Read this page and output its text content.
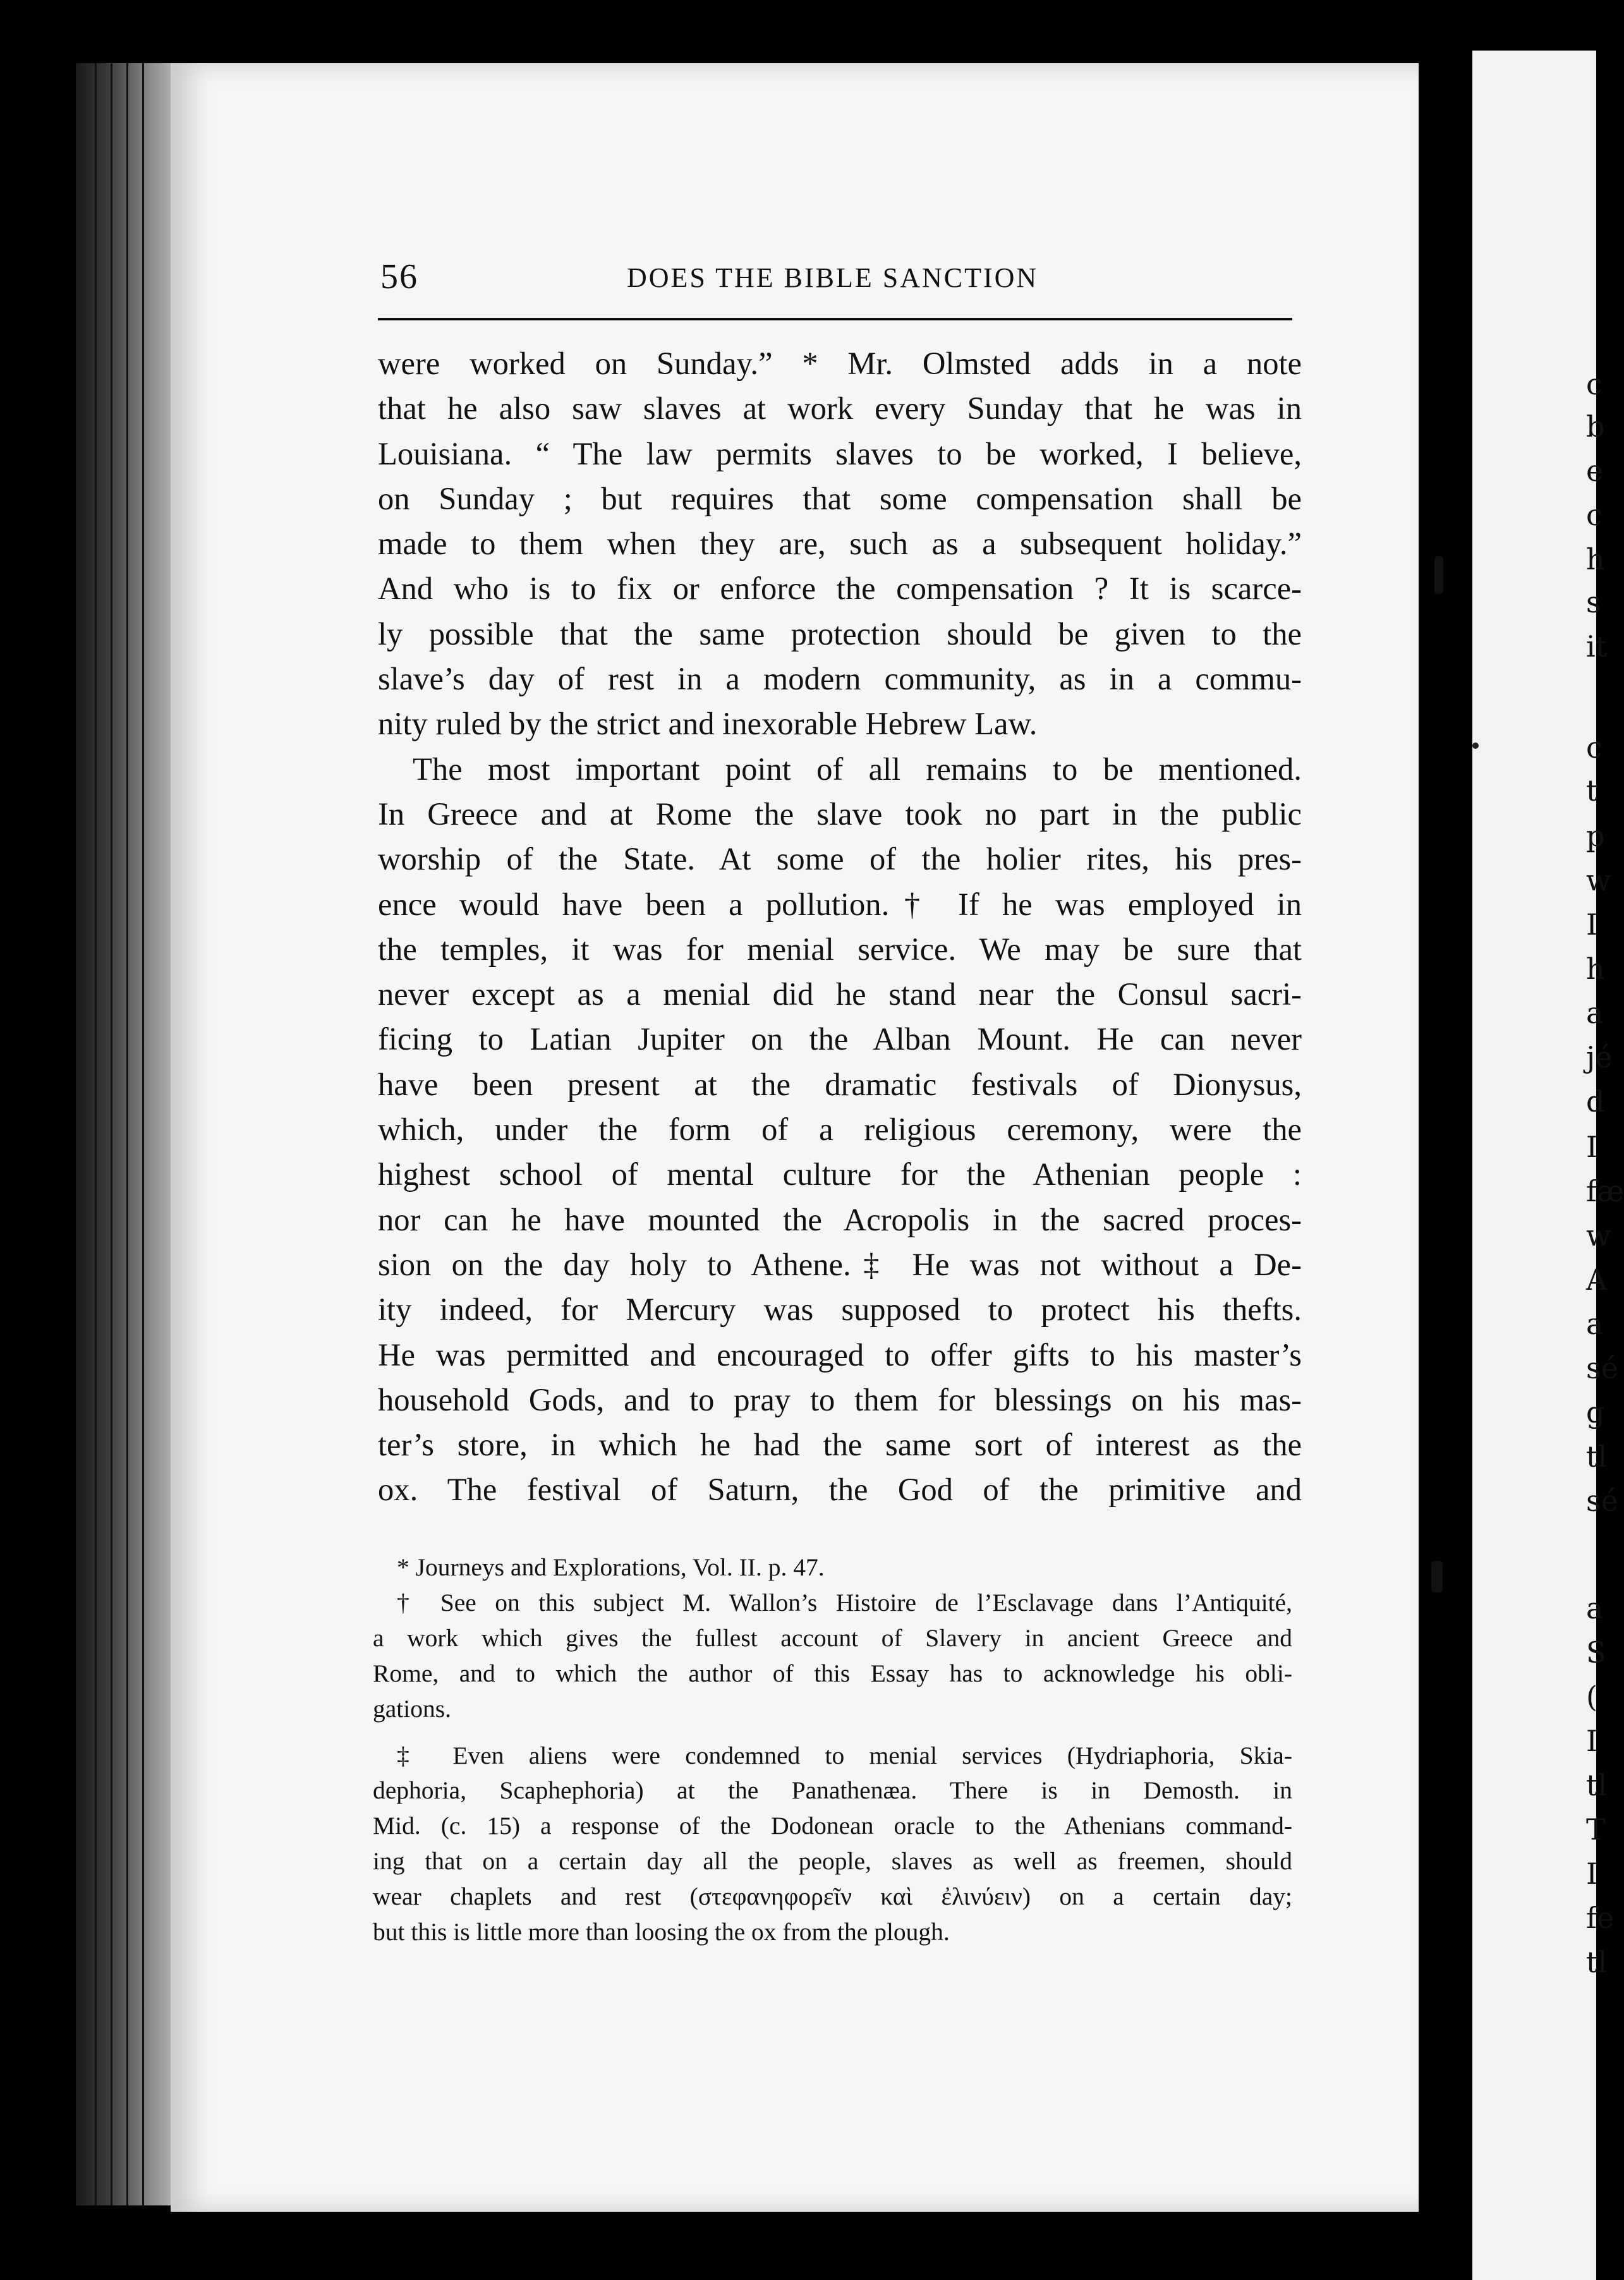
c
b
e
c
h
s
it
c
t
p
w
I
h
a
jé
d
I
fæ
w
A
a
sé
g
tl
sé
a
S
(
I
tl
T
I
fe
tl
56	DOES THE BIBLE SANCTION
were worked on Sunday.” * Mr. Olmsted adds in a note
that he also saw slaves at work every Sunday that he was in
Louisiana. “ The law permits slaves to be worked, I believe,
on Sunday ; but requires that some compensation shall be
made to them when they are, such as a subsequent holiday.”
And who is to fix or enforce the compensation ? It is scarce-
ly possible that the same protection should be given to the
slave’s day of rest in a modern community, as in a commu-
nity ruled by the strict and inexorable Hebrew Law.
The most important point of all remains to be mentioned.
In Greece and at Rome the slave took no part in the public
worship of the State. At some of the holier rites, his pres-
ence would have been a pollution.† If he was employed in
the temples, it was for menial service. We may be sure that
never except as a menial did he stand near the Consul sacri-
ficing to Latian Jupiter on the Alban Mount. He can never
have been present at the dramatic festivals of Dionysus,
which, under the form of a religious ceremony, were the
highest school of mental culture for the Athenian people :
nor can he have mounted the Acropolis in the sacred proces-
sion on the day holy to Athene.‡ He was not without a De-
ity indeed, for Mercury was supposed to protect his thefts.
He was permitted and encouraged to offer gifts to his master’s
household Gods, and to pray to them for blessings on his mas-
ter’s store, in which he had the same sort of interest as the
ox. The festival of Saturn, the God of the primitive and
* Journeys and Explorations, Vol. II. p. 47.
† See on this subject M. Wallon’s Histoire de l’Esclavage dans l’Antiquité,
a work which gives the fullest account of Slavery in ancient Greece and
Rome, and to which the author of this Essay has to acknowledge his obli-
gations.
‡ Even aliens were condemned to menial services (Hydriaphoria, Skia-
dephoria, Scaphephoria) at the Panathenæa. There is in Demosth. in
Mid. (c. 15) a response of the Dodonean oracle to the Athenians command-
ing that on a certain day all the people, slaves as well as freemen, should
wear chaplets and rest (στεφανηφορεῖν καὶ ἐλινύειν) on a certain day;
but this is little more than loosing the ox from the plough.
